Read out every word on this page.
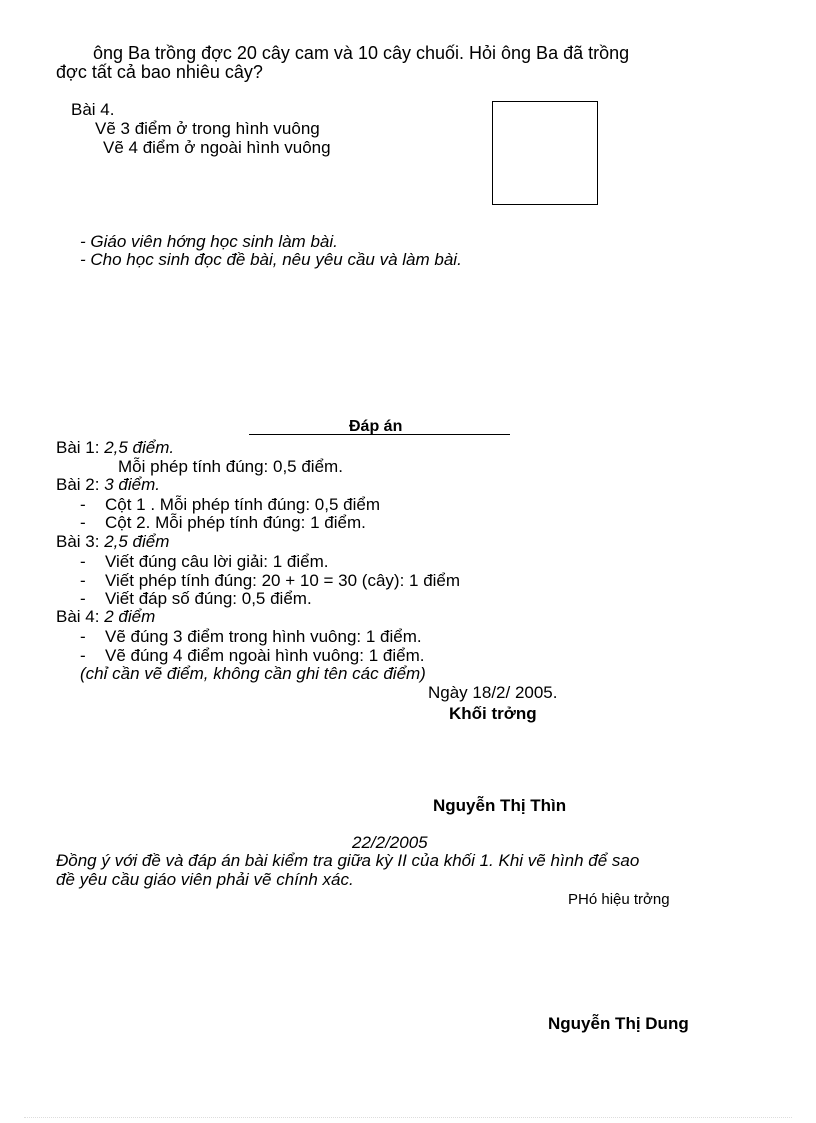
ông Ba trồng đợc 20 cây cam và 10 cây chuối. Hỏi ông Ba đã trồng
đợc tất cả bao nhiêu cây?
Bài 4.
Vẽ 3 điểm ở trong hình vuông
Vẽ 4 điểm ở ngoài hình vuông
- Giáo viên hớng học sinh làm bài.
- Cho học sinh đọc đề bài, nêu yêu cầu và làm bài.
Đáp án
Bài 1: 2,5 điểm.
Mỗi phép tính đúng: 0,5 điểm.
Bài 2: 3 điểm.
- Cột 1 . Mỗi phép tính đúng: 0,5 điểm
- Cột 2. Mỗi phép tính đúng: 1 điểm.
Bài 3: 2,5 điểm
- Viết đúng câu lời giải: 1 điểm.
- Viết phép tính đúng: 20 + 10 = 30 (cây): 1 điểm
- Viết đáp số đúng: 0,5 điểm.
Bài 4: 2 điểm
- Vẽ đúng 3 điểm trong hình vuông: 1 điểm.
- Vẽ đúng 4 điểm ngoài hình vuông: 1 điểm.
(chỉ cần vẽ điểm, không cần ghi tên các điểm)
Ngày 18/2/ 2005.
Khối trởng
Nguyễn Thị Thìn
22/2/2005
Đồng ý với đề và đáp án bài kiểm tra giữa kỳ II của khối 1. Khi vẽ hình để sao
đề yêu cầu giáo viên phải vẽ chính xác.
PHó hiệu trởng
Nguyễn Thị Dung
